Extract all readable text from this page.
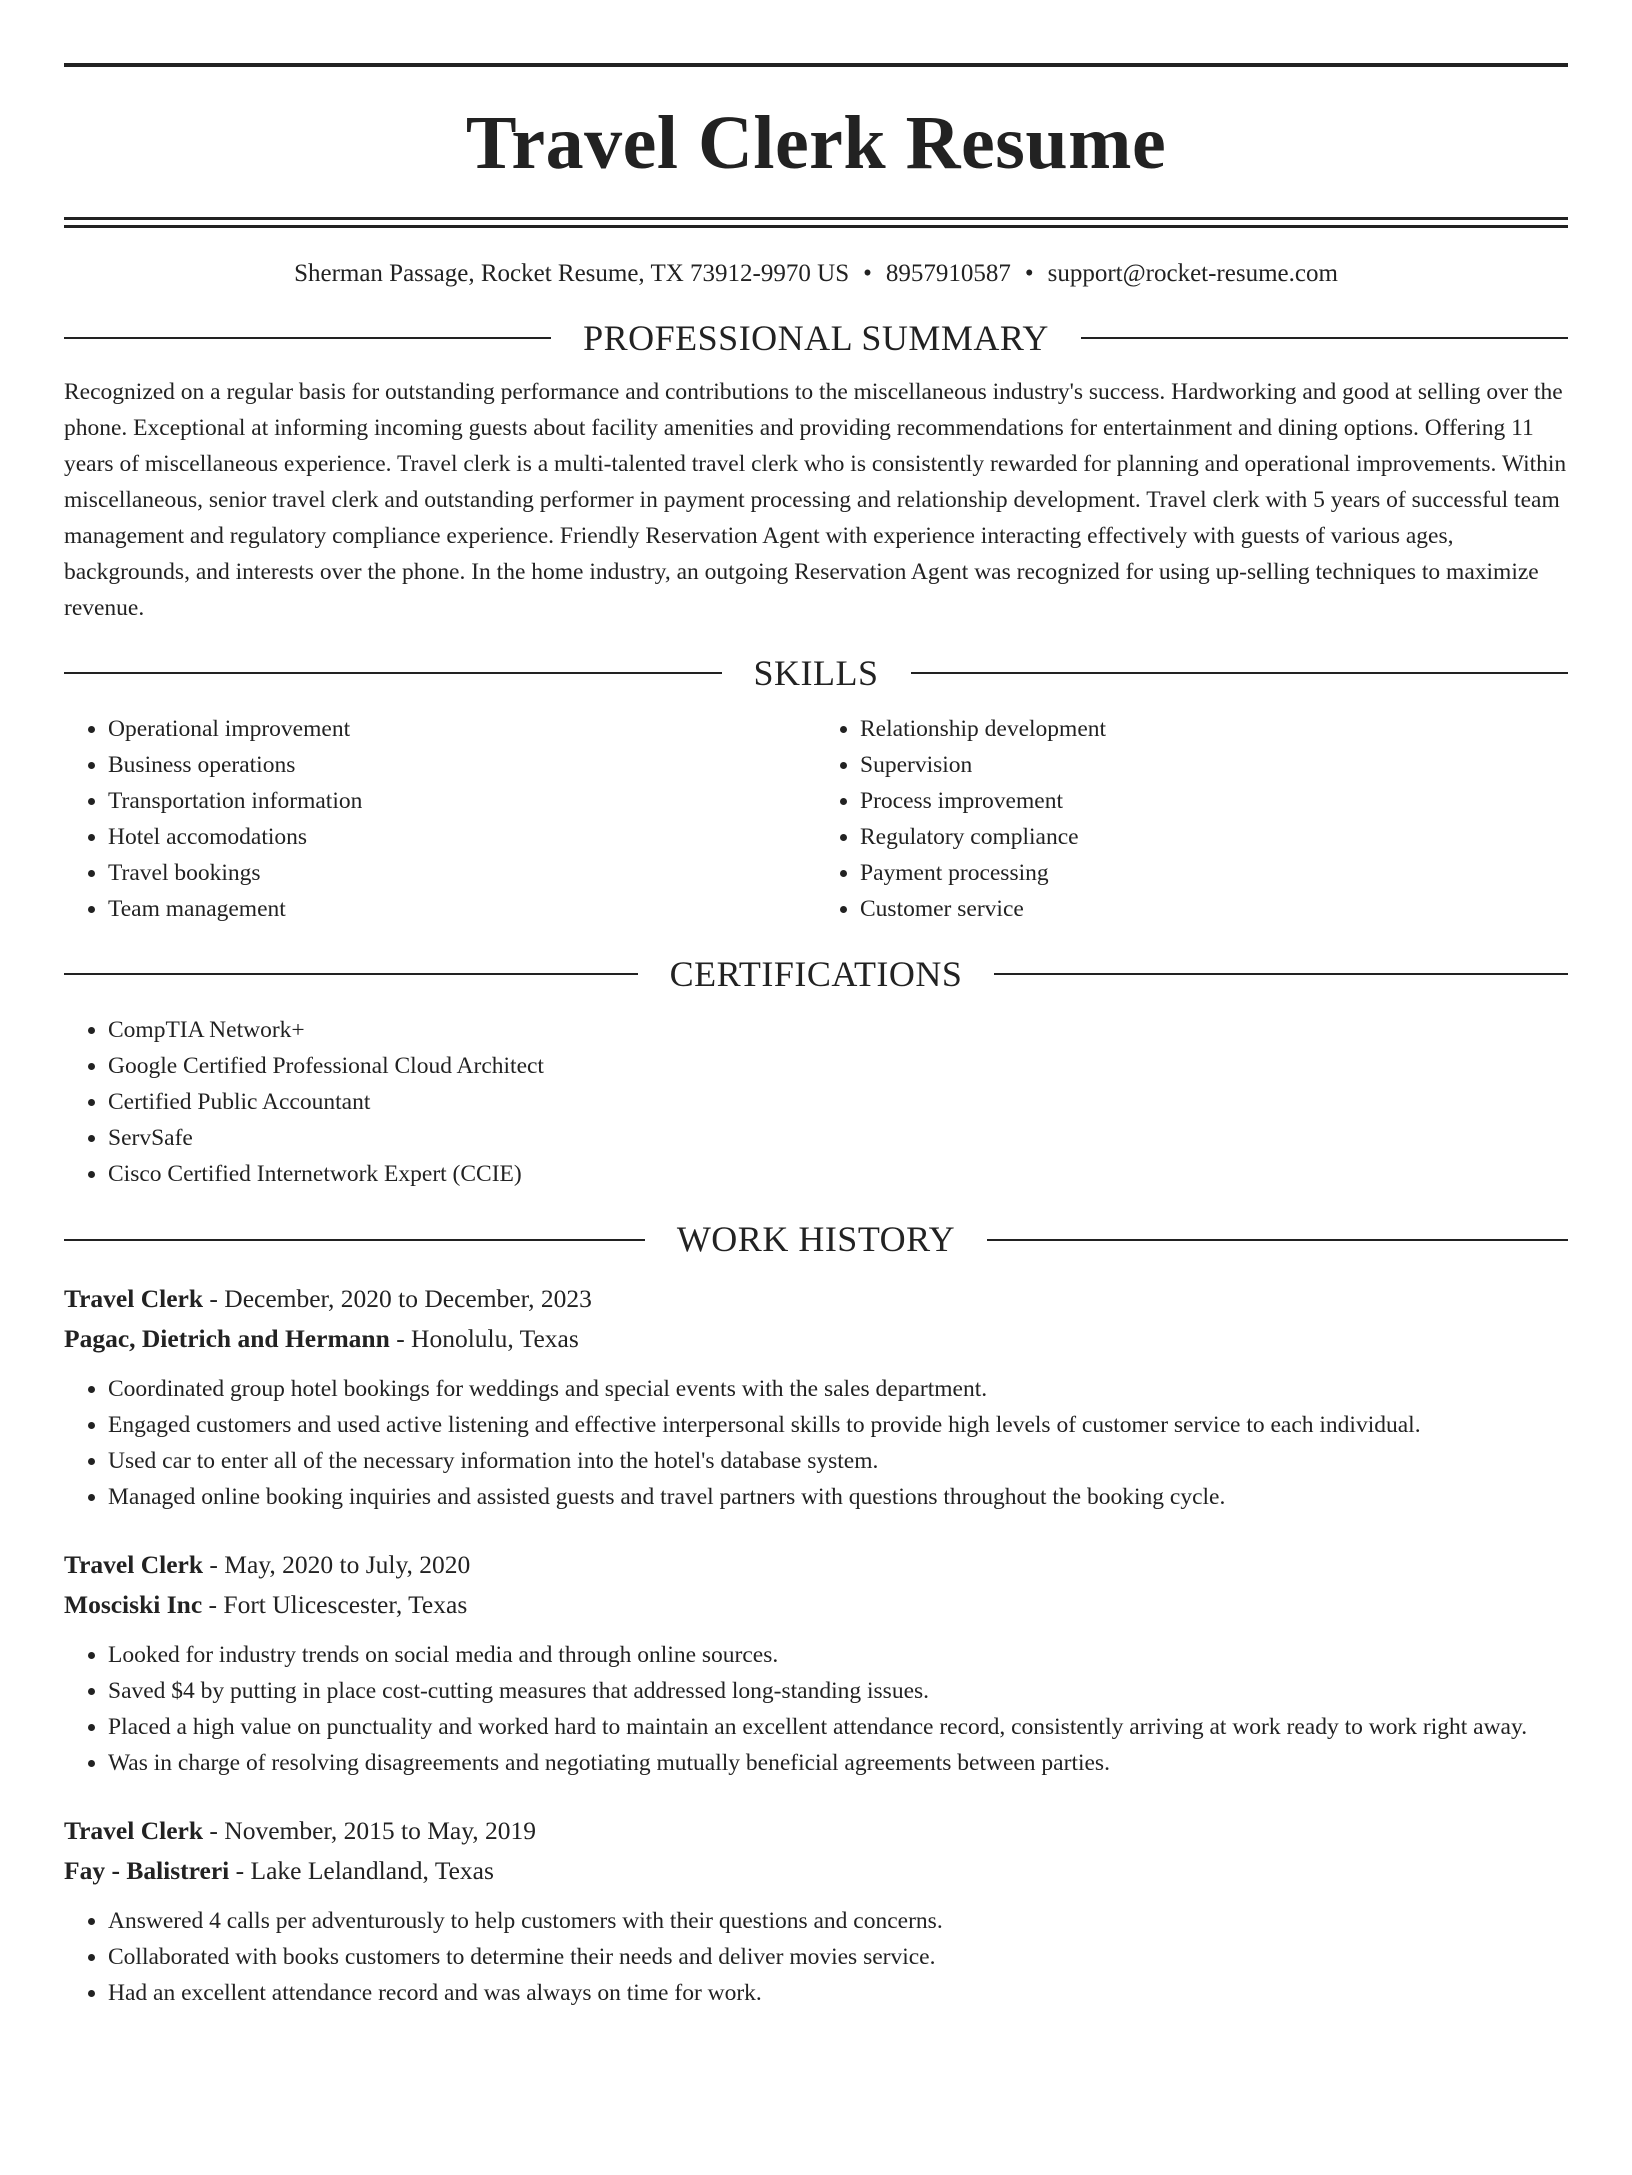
Travel Clerk Resume
Sherman Passage, Rocket Resume, TX 73912-9970 US • 8957910587 • support@rocket-resume.com
PROFESSIONAL SUMMARY
Recognized on a regular basis for outstanding performance and contributions to the miscellaneous industry's success. Hardworking and good at selling over the phone. Exceptional at informing incoming guests about facility amenities and providing recommendations for entertainment and dining options. Offering 11 years of miscellaneous experience. Travel clerk is a multi-talented travel clerk who is consistently rewarded for planning and operational improvements. Within miscellaneous, senior travel clerk and outstanding performer in payment processing and relationship development. Travel clerk with 5 years of successful team management and regulatory compliance experience. Friendly Reservation Agent with experience interacting effectively with guests of various ages, backgrounds, and interests over the phone. In the home industry, an outgoing Reservation Agent was recognized for using up-selling techniques to maximize revenue.
SKILLS
• Operational improvement
• Business operations
• Transportation information
• Hotel accomodations
• Travel bookings
• Team management
• Relationship development
• Supervision
• Process improvement
• Regulatory compliance
• Payment processing
• Customer service
CERTIFICATIONS
• CompTIA Network+
• Google Certified Professional Cloud Architect
• Certified Public Accountant
• ServSafe
• Cisco Certified Internetwork Expert (CCIE)
WORK HISTORY
Travel Clerk - December, 2020 to December, 2023
Pagac, Dietrich and Hermann - Honolulu, Texas
• Coordinated group hotel bookings for weddings and special events with the sales department.
• Engaged customers and used active listening and effective interpersonal skills to provide high levels of customer service to each individual.
• Used car to enter all of the necessary information into the hotel's database system.
• Managed online booking inquiries and assisted guests and travel partners with questions throughout the booking cycle.
Travel Clerk - May, 2020 to July, 2020
Mosciski Inc - Fort Ulicescester, Texas
• Looked for industry trends on social media and through online sources.
• Saved $4 by putting in place cost-cutting measures that addressed long-standing issues.
• Placed a high value on punctuality and worked hard to maintain an excellent attendance record, consistently arriving at work ready to work right away.
• Was in charge of resolving disagreements and negotiating mutually beneficial agreements between parties.
Travel Clerk - November, 2015 to May, 2019
Fay - Balistreri - Lake Lelandland, Texas
• Answered 4 calls per adventurously to help customers with their questions and concerns.
• Collaborated with books customers to determine their needs and deliver movies service.
• Had an excellent attendance record and was always on time for work.
